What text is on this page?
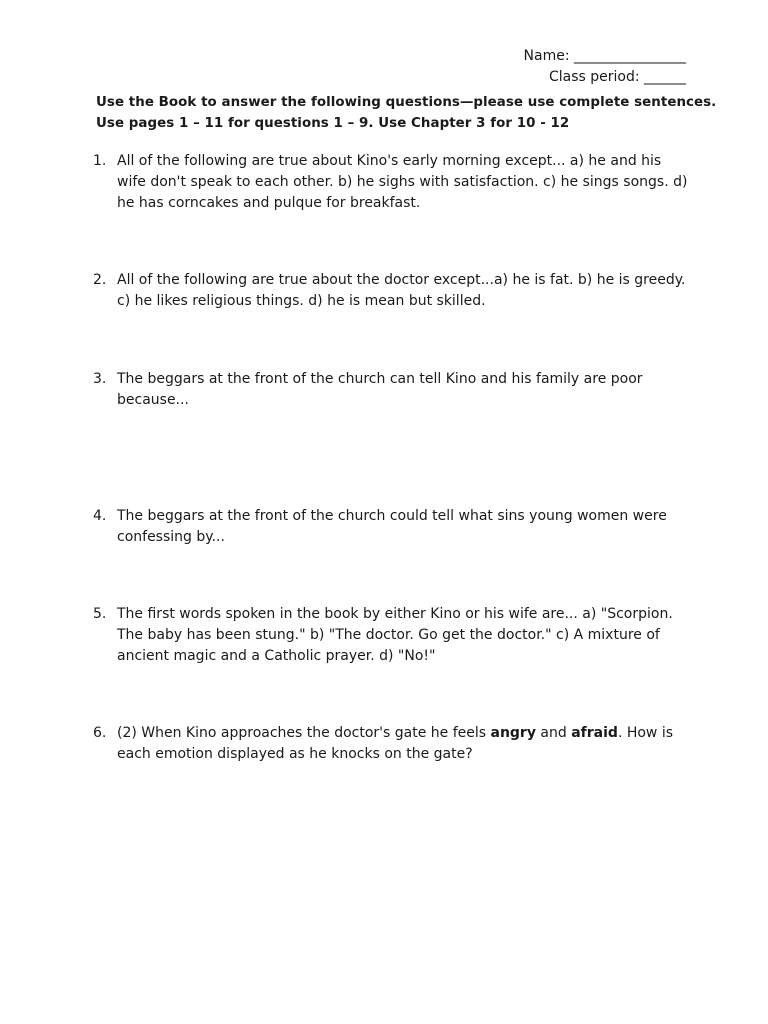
Name: ________________
Class period: ______
Use the Book to answer the following questions—please use complete sentences.
Use pages 1 – 11 for questions 1 – 9. Use Chapter 3 for 10 - 12
1. All of the following are true about Kino's early morning except... a) he and his wife don't speak to each other. b) he sighs with satisfaction. c) he sings songs. d) he has corncakes and pulque for breakfast.
2. All of the following are true about the doctor except...a) he is fat. b) he is greedy. c) he likes religious things. d) he is mean but skilled.
3. The beggars at the front of the church can tell Kino and his family are poor because...
4. The beggars at the front of the church could tell what sins young women were confessing by...
5. The first words spoken in the book by either Kino or his wife are... a) "Scorpion. The baby has been stung." b) "The doctor. Go get the doctor." c) A mixture of ancient magic and a Catholic prayer. d) "No!"
6. (2) When Kino approaches the doctor's gate he feels angry and afraid. How is each emotion displayed as he knocks on the gate?
